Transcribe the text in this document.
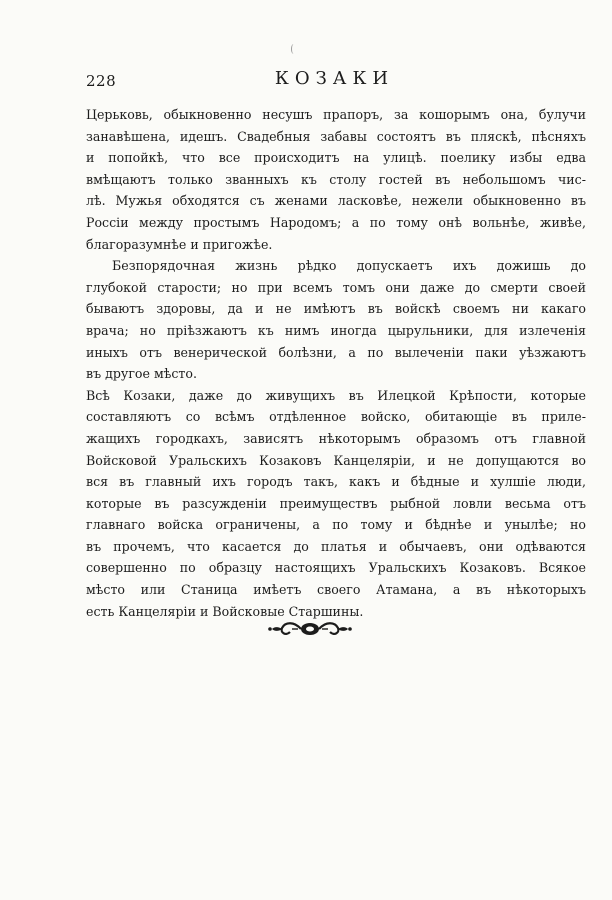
228	КОЗАКИ
Церьковь, обыкновенно несушъ прапоръ, за кошорымъ она, булучи
занавѣшена, идешъ. Свадебныя забавы состоятъ въ пляскѣ, пѣсняхъ
и попойкѣ, что все происходитъ на улицѣ. поелику избы едва
вмѣщаютъ только званныхъ къ столу гостей въ небольшомъ чис-
лѣ. Мужья обходятся съ женами ласковѣе, нежели обыкновенно въ
Россiи между простымъ Народомъ; а по тому онѣ вольнѣе, живѣе,
благоразумнѣе и пригожѣе.
Безпорядочная жизнь рѣдко допускаетъ ихъ дожишь до
глубокой старости; но при всемъ томъ они даже до смерти своей
бываютъ здоровы, да и не имѣютъ въ войскѣ своемъ ни какаго
врача; но прiѣзжаютъ къ нимъ иногда цырульники, для излеченiя
иныхъ отъ венерической болѣзни, а по вылеченiи паки уѣзжаютъ
въ другое мѣсто.
Всѣ Козаки, даже до живущихъ въ Илецкой Крѣпости, которые
составляютъ со всѣмъ отдѣленное войско, обитающiе въ приле-
жащихъ городкахъ, зависятъ нѣкоторымъ образомъ отъ главной
Войсковой Уральскихъ Козаковъ Канцелярiи, и не допущаются во
вся въ главный ихъ городъ такъ, какъ и бѣдные и хулшiе люди,
которые въ разсужденiи преимуществъ рыбной ловли весьма отъ
главнаго войска ограничены, а по тому и бѣднѣе и унылѣе; но
въ прочемъ, что касается до платья и обычаевъ, они одѣваются
совершенно по образцу настоящихъ Уральскихъ Козаковъ. Всякое
мѣсто или Станица имѣетъ своего Атамана, а въ нѣкоторыхъ
есть Канцелярiи и Войсковые Старшины.
